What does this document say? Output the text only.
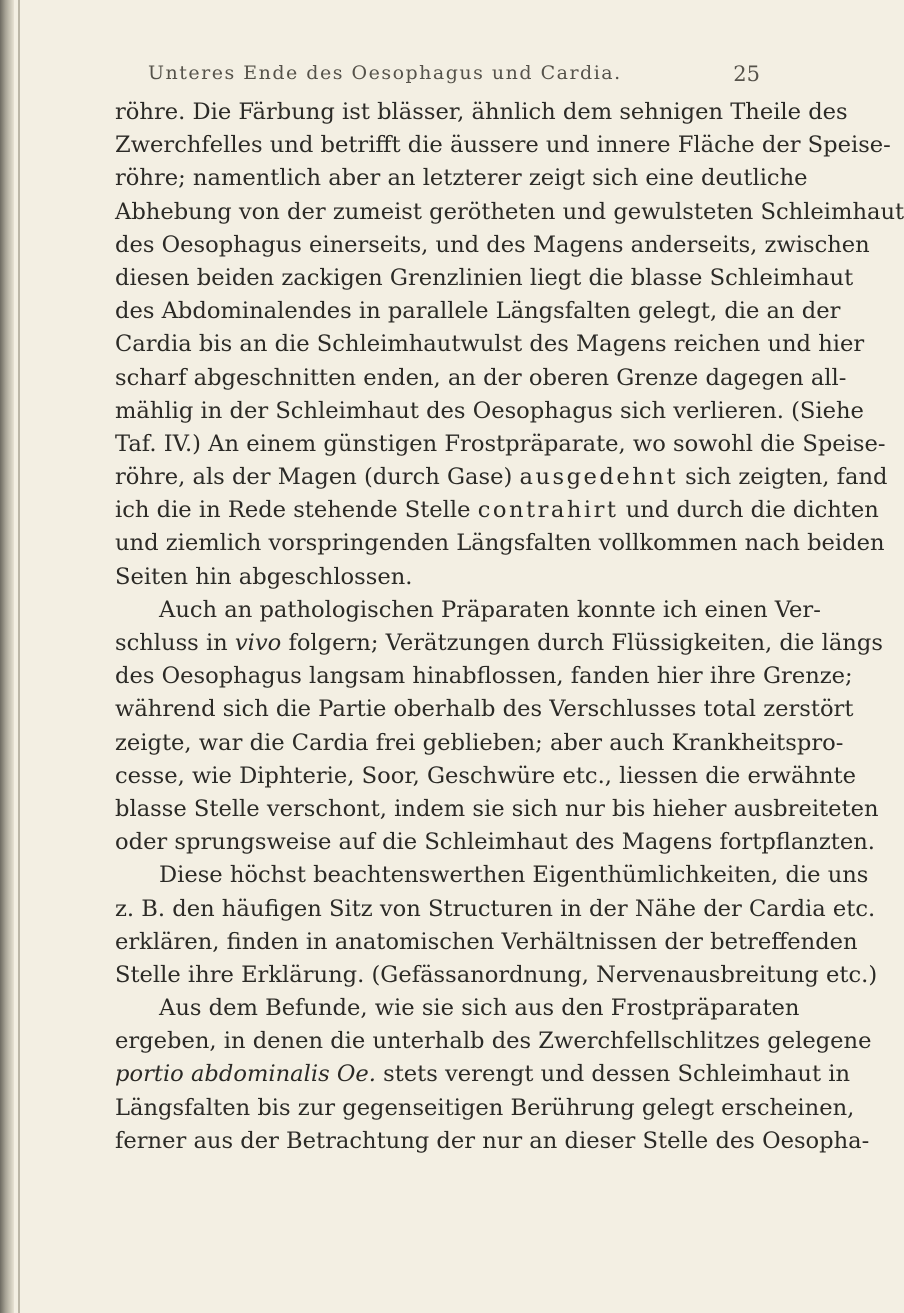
Unteres Ende des Oesophagus und Cardia.	25
röhre. Die Färbung ist blässer, ähnlich dem sehnigen Theile des
Zwerchfelles und betrifft die äussere und innere Fläche der Speise-
röhre; namentlich aber an letzterer zeigt sich eine deutliche
Abhebung von der zumeist gerötheten und gewulsteten Schleimhaut
des Oesophagus einerseits, und des Magens anderseits, zwischen
diesen beiden zackigen Grenzlinien liegt die blasse Schleimhaut
des Abdominalendes in parallele Längsfalten gelegt, die an der
Cardia bis an die Schleimhautwulst des Magens reichen und hier
scharf abgeschnitten enden, an der oberen Grenze dagegen all-
mählig in der Schleimhaut des Oesophagus sich verlieren. (Siehe
Taf. IV.) An einem günstigen Frostpräparate, wo sowohl die Speise-
röhre, als der Magen (durch Gase) ausgedehnt sich zeigten, fand
ich die in Rede stehende Stelle contrahirt und durch die dichten
und ziemlich vorspringenden Längsfalten vollkommen nach beiden
Seiten hin abgeschlossen.
Auch an pathologischen Präparaten konnte ich einen Ver-
schluss in vivo folgern; Verätzungen durch Flüssigkeiten, die längs
des Oesophagus langsam hinabflossen, fanden hier ihre Grenze;
während sich die Partie oberhalb des Verschlusses total zerstört
zeigte, war die Cardia frei geblieben; aber auch Krankheitspro-
cesse, wie Diphterie, Soor, Geschwüre etc., liessen die erwähnte
blasse Stelle verschont, indem sie sich nur bis hieher ausbreiteten
oder sprungsweise auf die Schleimhaut des Magens fortpflanzten.
Diese höchst beachtenswerthen Eigenthümlichkeiten, die uns
z. B. den häufigen Sitz von Structuren in der Nähe der Cardia etc.
erklären, finden in anatomischen Verhältnissen der betreffenden
Stelle ihre Erklärung. (Gefässanordnung, Nervenausbreitung etc.)
Aus dem Befunde, wie sie sich aus den Frostpräparaten
ergeben, in denen die unterhalb des Zwerchfellschlitzes gelegene
portio abdominalis Oe. stets verengt und dessen Schleimhaut in
Längsfalten bis zur gegenseitigen Berührung gelegt erscheinen,
ferner aus der Betrachtung der nur an dieser Stelle des Oesopha-
